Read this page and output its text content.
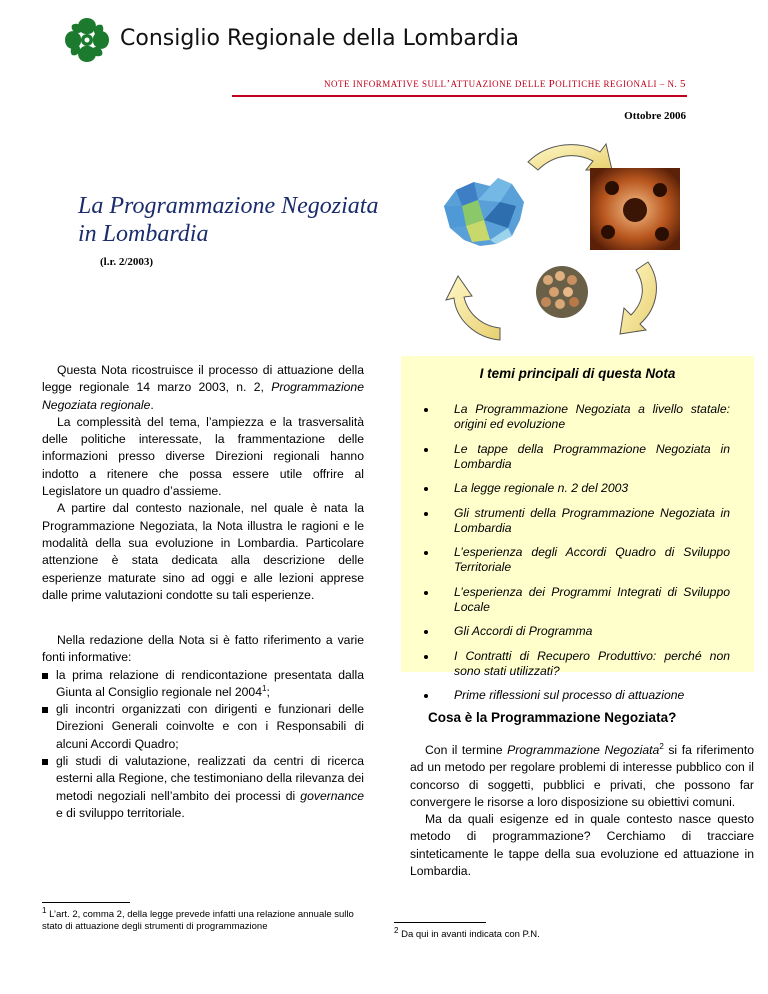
Consiglio Regionale della Lombardia
NOTE INFORMATIVE SULL’ATTUAZIONE DELLE POLITICHE REGIONALI – N. 5
Ottobre 2006
La Programmazione Negoziata
in Lombardia
(l.r. 2/2003)

Questa Nota ricostruisce il processo di attuazione della legge regionale 14 marzo 2003, n. 2, Programmazione Negoziata regionale.

La complessità del tema, l’ampiezza e la trasversalità delle politiche interessate, la frammentazione delle informazioni presso diverse Direzioni regionali hanno indotto a ritenere che possa essere utile offrire al Legislatore un quadro d’assieme.

A partire dal contesto nazionale, nel quale è nata la Programmazione Negoziata, la Nota illustra le ragioni e le modalità della sua evoluzione in Lombardia. Particolare attenzione è stata dedicata alla descrizione delle esperienze maturate sino ad oggi e alle lezioni apprese dalle prime valutazioni condotte su tali esperienze.

Nella redazione della Nota si è fatto riferimento a varie fonti informative:

la prima relazione di rendicontazione presentata dalla Giunta al Consiglio regionale nel 2004$^1$;
gli incontri organizzati con dirigenti e funzionari delle Direzioni Generali coinvolte e con i Responsabili di alcuni Accordi Quadro;
gli studi di valutazione, realizzati da centri di ricerca esterni alla Regione, che testimoniano della rilevanza dei metodi negoziali nell’ambito dei processi di governance e di sviluppo territoriale.
$^1$ L’art. 2, comma 2, della legge prevede infatti una relazione annuale sullo stato di attuazione degli strumenti di programmazione
I temi principali di questa Nota
La Programmazione Negoziata a livello statale: origini ed evoluzione
Le tappe della Programmazione Negoziata in Lombardia
La legge regionale n. 2 del 2003
Gli strumenti della Programmazione Negoziata in Lombardia
L’esperienza degli Accordi Quadro di Sviluppo Territoriale
L’esperienza dei Programmi Integrati di Sviluppo Locale
Gli Accordi di Programma
I Contratti di Recupero Produttivo: perché non sono stati utilizzati?
Prime riflessioni sul processo di attuazione
Cosa è la Programmazione Negoziata?

Con il termine Programmazione Negoziata$^2$ si fa riferimento ad un metodo per regolare problemi di interesse pubblico con il concorso di soggetti, pubblici e privati, che possono far convergere le risorse a loro disposizione su obiettivi comuni.

Ma da quali esigenze ed in quale contesto nasce questo metodo di programmazione? Cerchiamo di tracciare sinteticamente le tappe della sua evoluzione ed attuazione in Lombardia.

$^2$ Da qui in avanti indicata con P.N.
